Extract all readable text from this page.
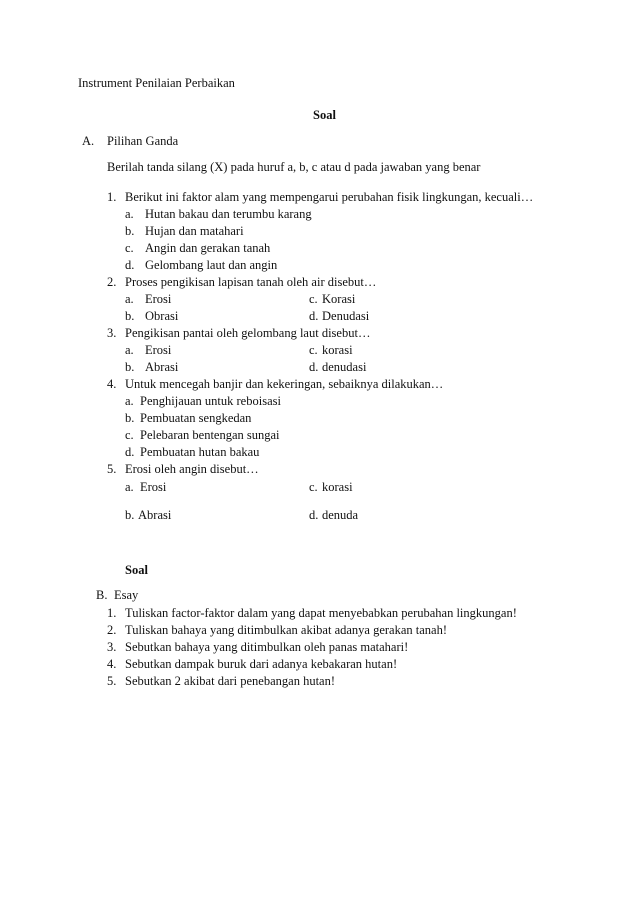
Instrument Penilaian Perbaikan
Soal
A. Pilihan Ganda
Berilah tanda silang (X) pada huruf a, b, c atau d pada jawaban yang benar
1. Berikut ini faktor alam yang mempengarui perubahan fisik lingkungan, kecuali…
a. Hutan bakau dan terumbu karang
b. Hujan dan matahari
c. Angin dan gerakan tanah
d. Gelombang laut dan angin
2. Proses pengikisan lapisan tanah oleh air disebut…
a. Erosi	c. Korasi
b. Obrasi	d. Denudasi
3. Pengikisan pantai oleh gelombang laut disebut…
a. Erosi	c. korasi
b. Abrasi	d. denudasi
4. Untuk mencegah banjir dan kekeringan, sebaiknya dilakukan…
a. Penghijauan untuk reboisasi
b. Pembuatan sengkedan
c. Pelebaran bentengan sungai
d. Pembuatan hutan bakau
5. Erosi oleh angin disebut…
a. Erosi	c. korasi
b. Abrasi	d. denuda
Soal
B. Esay
1. Tuliskan factor-faktor dalam yang dapat menyebabkan perubahan lingkungan!
2. Tuliskan bahaya yang ditimbulkan akibat adanya gerakan tanah!
3. Sebutkan bahaya yang ditimbulkan oleh panas matahari!
4. Sebutkan dampak buruk dari adanya kebakaran hutan!
5. Sebutkan 2 akibat dari penebangan hutan!
